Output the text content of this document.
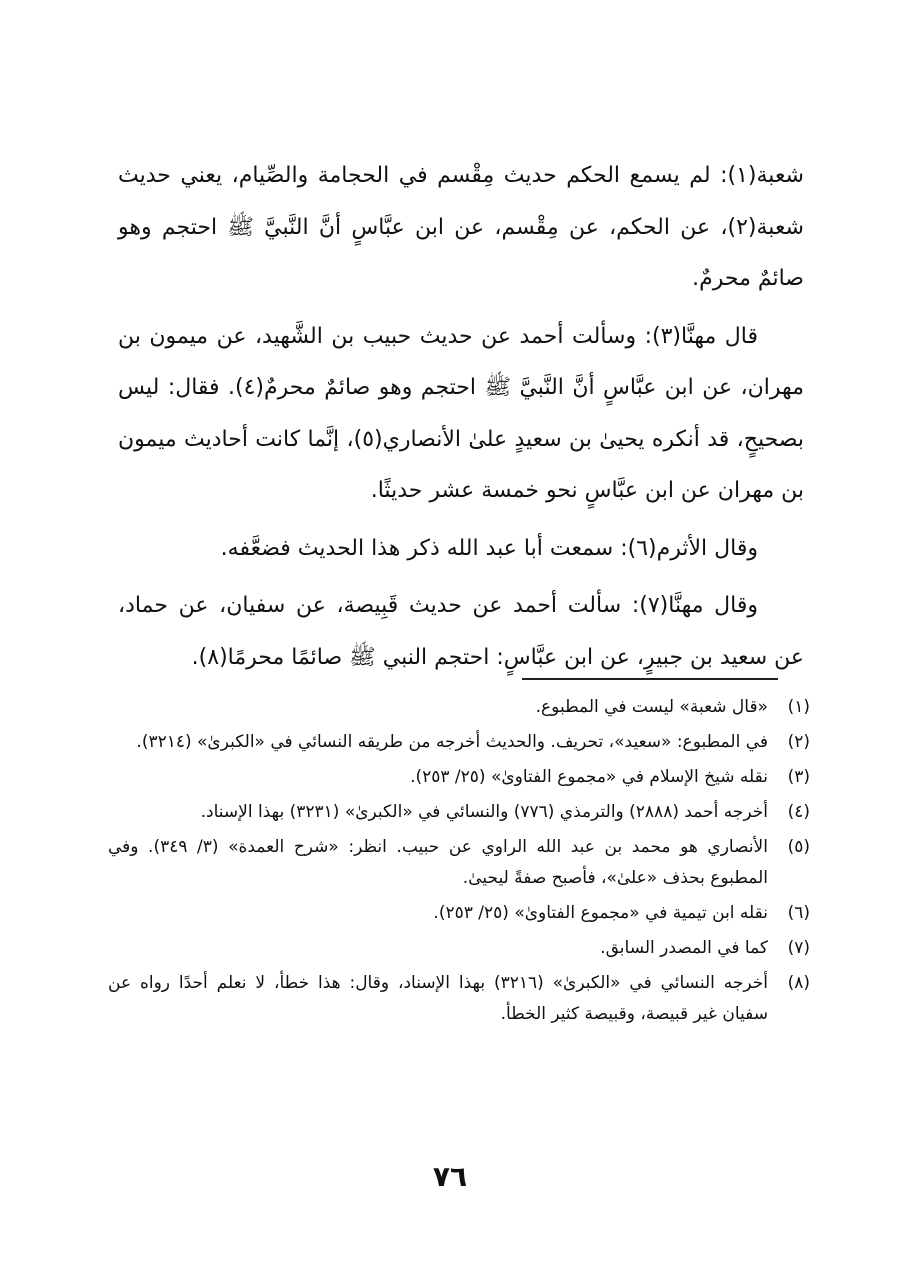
شعبة(١): لم يسمع الحكم حديث مِقْسم في الحجامة والصِّيام، يعني حديث شعبة(٢)، عن الحكم، عن مِقْسم، عن ابن عبَّاسٍ أنَّ النَّبيَّ ﷺ احتجم وهو صائمٌ محرمٌ.

قال مهنَّا(٣): وسألت أحمد عن حديث حبيب بن الشَّهيد، عن ميمون بن مهران، عن ابن عبَّاسٍ أنَّ النَّبيَّ ﷺ احتجم وهو صائمٌ محرمٌ(٤). فقال: ليس بصحيحٍ، قد أنكره يحيىٰ بن سعيدٍ علىٰ الأنصاري(٥)، إنَّما كانت أحاديث ميمون بن مهران عن ابن عبَّاسٍ نحو خمسة عشر حديثًا.

وقال الأثرم(٦): سمعت أبا عبد الله ذكر هذا الحديث فضعَّفه.

وقال مهنَّا(٧): سألت أحمد عن حديث قَبِيصة، عن سفيان، عن حماد، عن سعيد بن جبيرٍ، عن ابن عبَّاسٍ: احتجم النبي ﷺ صائمًا محرمًا(٨).

(١)
«قال شعبة» ليست في المطبوع.
(٢)
في المطبوع: «سعيد»، تحريف. والحديث أخرجه من طريقه النسائي في «الكبرىٰ» (٣٢١٤).
(٣)
نقله شيخ الإسلام في «مجموع الفتاوىٰ» (٢٥/ ٢٥٣).
(٤)
أخرجه أحمد (٢٨٨٨) والترمذي (٧٧٦) والنسائي في «الكبرىٰ» (٣٢٣١) بهذا الإسناد.
(٥)
الأنصاري هو محمد بن عبد الله الراوي عن حبيب. انظر: «شرح العمدة» (٣/ ٣٤٩). وفي المطبوع بحذف «علىٰ»، فأصبح صفةً ليحيىٰ.
(٦)
نقله ابن تيمية في «مجموع الفتاوىٰ» (٢٥/ ٢٥٣).
(٧)
كما في المصدر السابق.
(٨)
أخرجه النسائي في «الكبرىٰ» (٣٢١٦) بهذا الإسناد، وقال: هذا خطأ، لا نعلم أحدًا رواه عن سفيان غير قبيصة، وقبيصة كثير الخطأ.
٧٦
